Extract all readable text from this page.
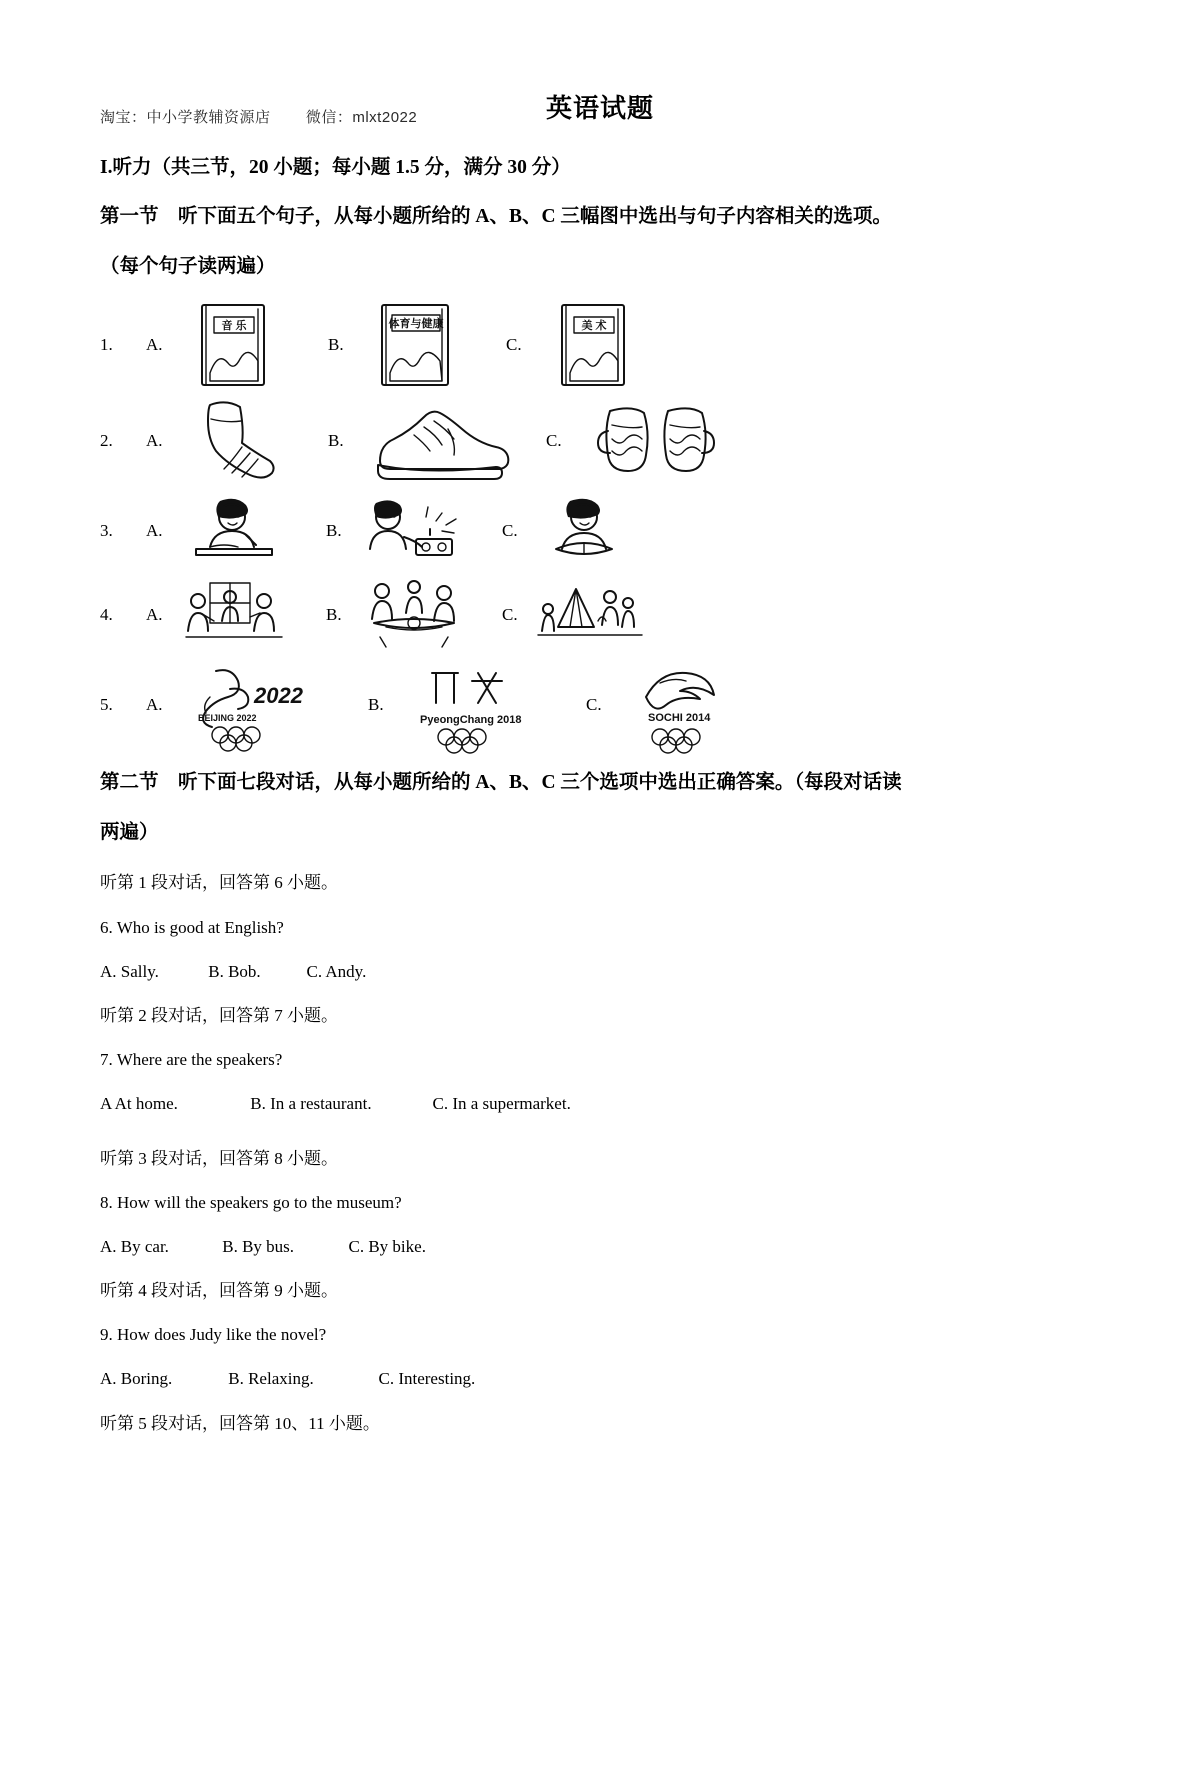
淘宝：中小学教辅资源店 微信：mlxt2022	英语试题
I.听力（共三节，20 小题；每小题 1.5 分，满分 30 分）
第一节　听下面五个句子，从每小题所给的 A、B、C 三幅图中选出与句子内容相关的选项。
（每个句子读两遍）
1.	A.
音 乐
B.
体育与健康
C.
美 术
2.	A.	B.	C.
3.	A.	B.	C.
4.	A.	B.	C.
5.	A.
BEIJING 2022
2022	B.
PyeongChang 2018
C.
SOCHI 2014
第二节　听下面七段对话，从每小题所给的 A、B、C 三个选项中选出正确答案。（每段对话读
两遍）
听第 1 段对话，回答第 6 小题。
6. Who is good at English?
A. Sally.	B. Bob.	C. Andy.
听第 2 段对话，回答第 7 小题。
7. Where are the speakers?
A At home.	B. In a restaurant.	C. In a supermarket.
听第 3 段对话，回答第 8 小题。
8. How will the speakers go to the museum?
A. By car.	B. By bus.	C. By bike.
听第 4 段对话，回答第 9 小题。
9. How does Judy like the novel?
A. Boring.	B. Relaxing.	C. Interesting.
听第 5 段对话，回答第 10、11 小题。
